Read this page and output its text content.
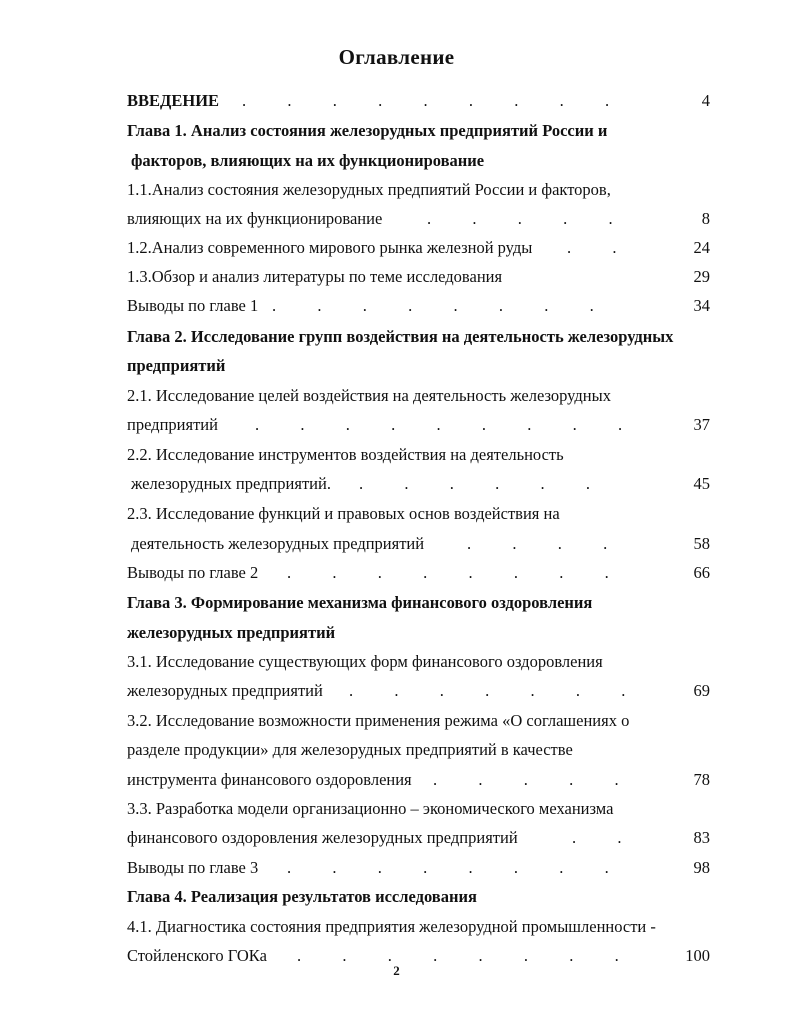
Оглавление
ВВЕДЕНИЕ .   .   .   .   .   .   .   .   .	4
Глава 1. Анализ состояния железорудных предприятий России и
факторов, влияющих на их функционирование
1.1.Анализ состояния железорудных предпиятий России и факторов,
влияющих на их функционирование	.   .   .   .   .	8
1.2.Анализ современного мирового рынка железной руды .   .	24
1.3.Обзор и анализ литературы по теме исследования	29
Выводы по главе 1 .   .   .   .   .   .   .   .	34
Глава 2. Исследование групп воздействия на деятельность железорудных
предприятий
2.1. Исследование целей воздействия на деятельность железорудных
предприятий .   .   .   .   .   .   .   .   .	37
2.2. Исследование инструментов воздействия на деятельность
железорудных предприятий. .   .   .   .   .   .	45
2.3. Исследование функций и правовых основ воздействия на
деятельность железорудных предприятий	.   .   .   .	58
Выводы по главе 2 .   .   .   .   .   .   .   .	66
Глава 3. Формирование механизма финансового оздоровления
железорудных предприятий
3.1. Исследование существующих форм финансового оздоровления
железорудных предприятий .   .   .   .   .   .   .	69
3.2. Исследование возможности применения режима «О соглашениях о
разделе продукции» для железорудных предприятий в качестве
инструмента финансового оздоровления .   .   .   .   .	78
3.3. Разработка модели организационно – экономического механизма
финансового оздоровления железорудных предприятий	.   .	83
Выводы по главе 3 .   .   .   .   .   .   .   .	98
Глава 4. Реализация результатов исследования
4.1. Диагностика состояния предприятия железорудной промышленности -
Стойленского ГОКа .   .   .   .   .   .   .   .	100
2
